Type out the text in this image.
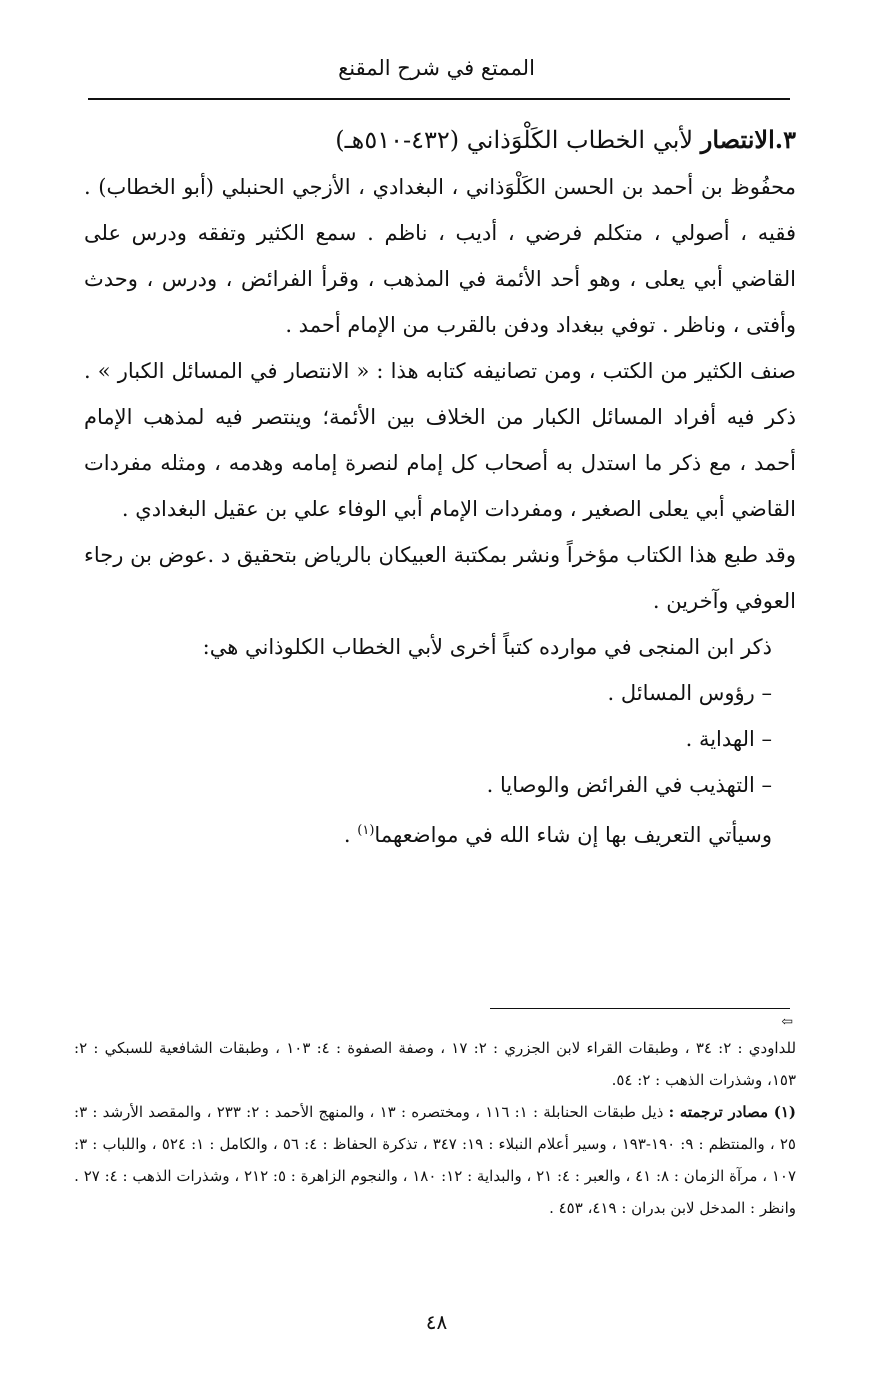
الممتع في شرح المقنع

٣.الانتصار لأبي الخطاب الكَلْوَذاني (٤٣٢-٥١٠هـ)

محفُوظ بن أحمد بن الحسن الكَلْوَذاني ، البغدادي ، الأزجي الحنبلي (أبو الخطاب) . فقيه ، أصولي ، متكلم فرضي ، أديب ، ناظم . سمع الكثير وتفقه ودرس على القاضي أبي يعلى ، وهو أحد الأئمة في المذهب ، وقرأ الفرائض ، ودرس ، وحدث وأفتى ، وناظر . توفي ببغداد ودفن بالقرب من الإمام أحمد .

صنف الكثير من الكتب ، ومن تصانيفه كتابه هذا : « الانتصار في المسائل الكبار » . ذكر فيه أفراد المسائل الكبار من الخلاف بين الأئمة؛ وينتصر فيه لمذهب الإمام أحمد ، مع ذكر ما استدل به أصحاب كل إمام لنصرة إمامه وهدمه ، ومثله مفردات القاضي أبي يعلى الصغير ، ومفردات الإمام أبي الوفاء علي بن عقيل البغدادي .

وقد طبع هذا الكتاب مؤخراً ونشر بمكتبة العبيكان بالرياض بتحقيق د .عوض بن رجاء العوفي وآخرين .

ذكر ابن المنجى في موارده كتباً أخرى لأبي الخطاب الكلوذاني هي:

– رؤوس المسائل .
– الهداية .
– التهذيب في الفرائض والوصايا .

وسيأتي التعريف بها إن شاء الله في مواضعهما$^{(١)}$ .

⇦

للداودي : ٢: ٣٤ ، وطبقات القراء لابن الجزري : ٢: ١٧ ، وصفة الصفوة : ٤: ١٠٣ ، وطبقات الشافعية للسبكي : ٢: ١٥٣، وشذرات الذهب : ٢: ٥٤.

(١) مصادر ترجمته : ذيل طبقات الحنابلة : ١: ١١٦ ، ومختصره : ١٣ ، والمنهج الأحمد : ٢: ٢٣٣ ، والمقصد الأرشد : ٣: ٢٥ ، والمنتظم : ٩: ١٩٠-١٩٣ ، وسير أعلام النبلاء : ١٩: ٣٤٧ ، تذكرة الحفاظ : ٤: ٥٦ ، والكامل : ١: ٥٢٤ ، واللباب : ٣: ١٠٧ ، مرآة الزمان : ٨: ٤١ ، والعبر : ٤: ٢١ ، والبداية : ١٢: ١٨٠ ، والنجوم الزاهرة : ٥: ٢١٢ ، وشذرات الذهب : ٤: ٢٧ .

وانظر : المدخل لابن بدران : ٤١٩، ٤٥٣ .

٤٨
